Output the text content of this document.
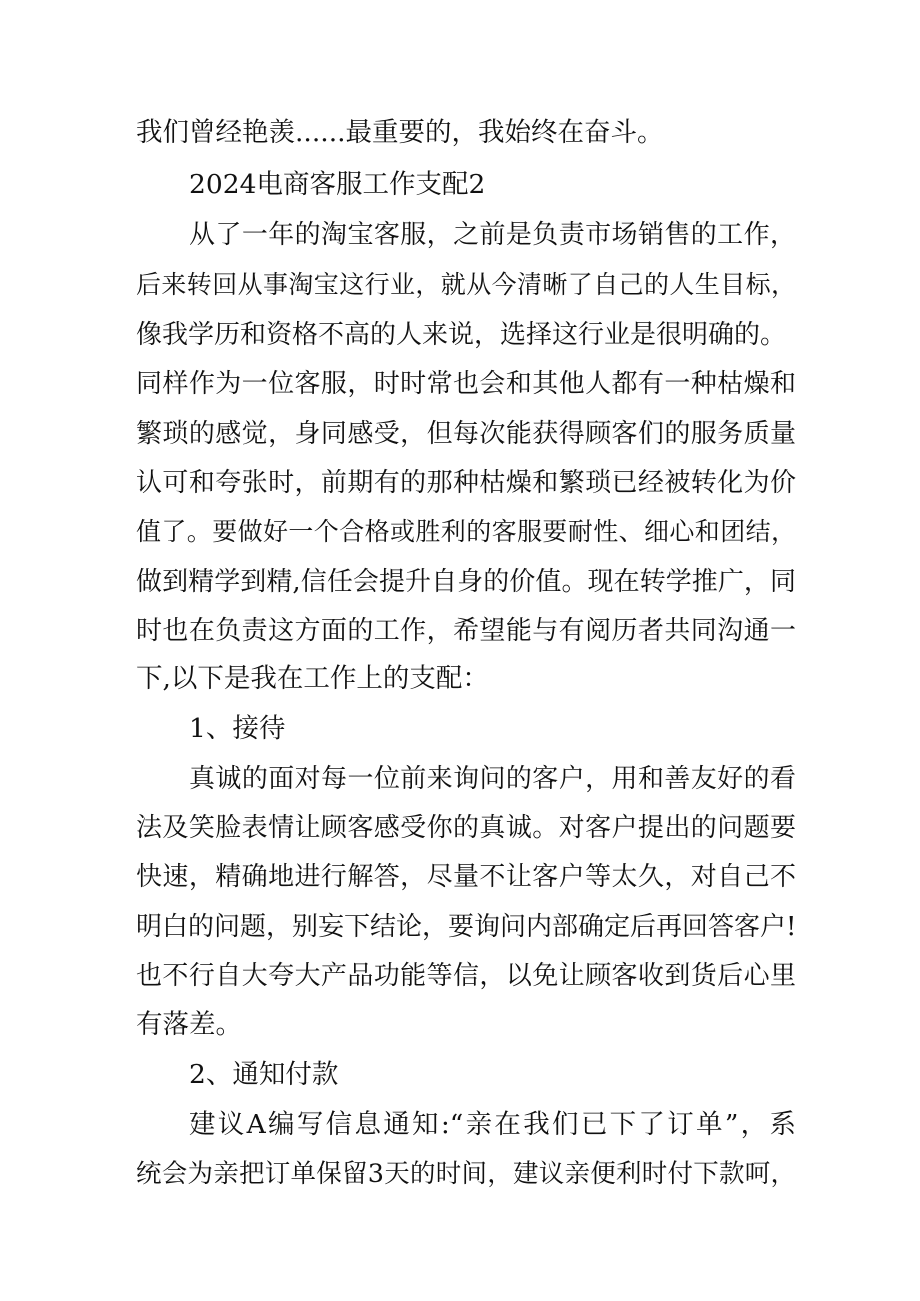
我们曾经艳羡......最重要的，我始终在奋斗。
2024电商客服工作支配2
从了一年的淘宝客服，之前是负责市场销售的工作，
后来转回从事淘宝这行业，就从今清晰了自己的人生目标，
像我学历和资格不高的人来说，选择这行业是很明确的。
同样作为一位客服，时时常也会和其他人都有一种枯燥和
繁琐的感觉，身同感受，但每次能获得顾客们的服务质量
认可和夸张时，前期有的那种枯燥和繁琐已经被转化为价
值了。要做好一个合格或胜利的客服要耐性、细心和团结，
做到精学到精,信任会提升自身的价值。现在转学推广，同
时也在负责这方面的工作，希望能与有阅历者共同沟通一
下,以下是我在工作上的支配：
1、接待
真诚的面对每一位前来询问的客户，用和善友好的看
法及笑脸表情让顾客感受你的真诚。对客户提出的问题要
快速，精确地进行解答，尽量不让客户等太久，对自己不
明白的问题，别妄下结论，要询问内部确定后再回答客户!
也不行自大夸大产品功能等信，以免让顾客收到货后心里
有落差。
2、通知付款
建议A编写信息通知:“亲在我们已下了订单”，系
统会为亲把订单保留3天的时间，建议亲便利时付下款呵，
